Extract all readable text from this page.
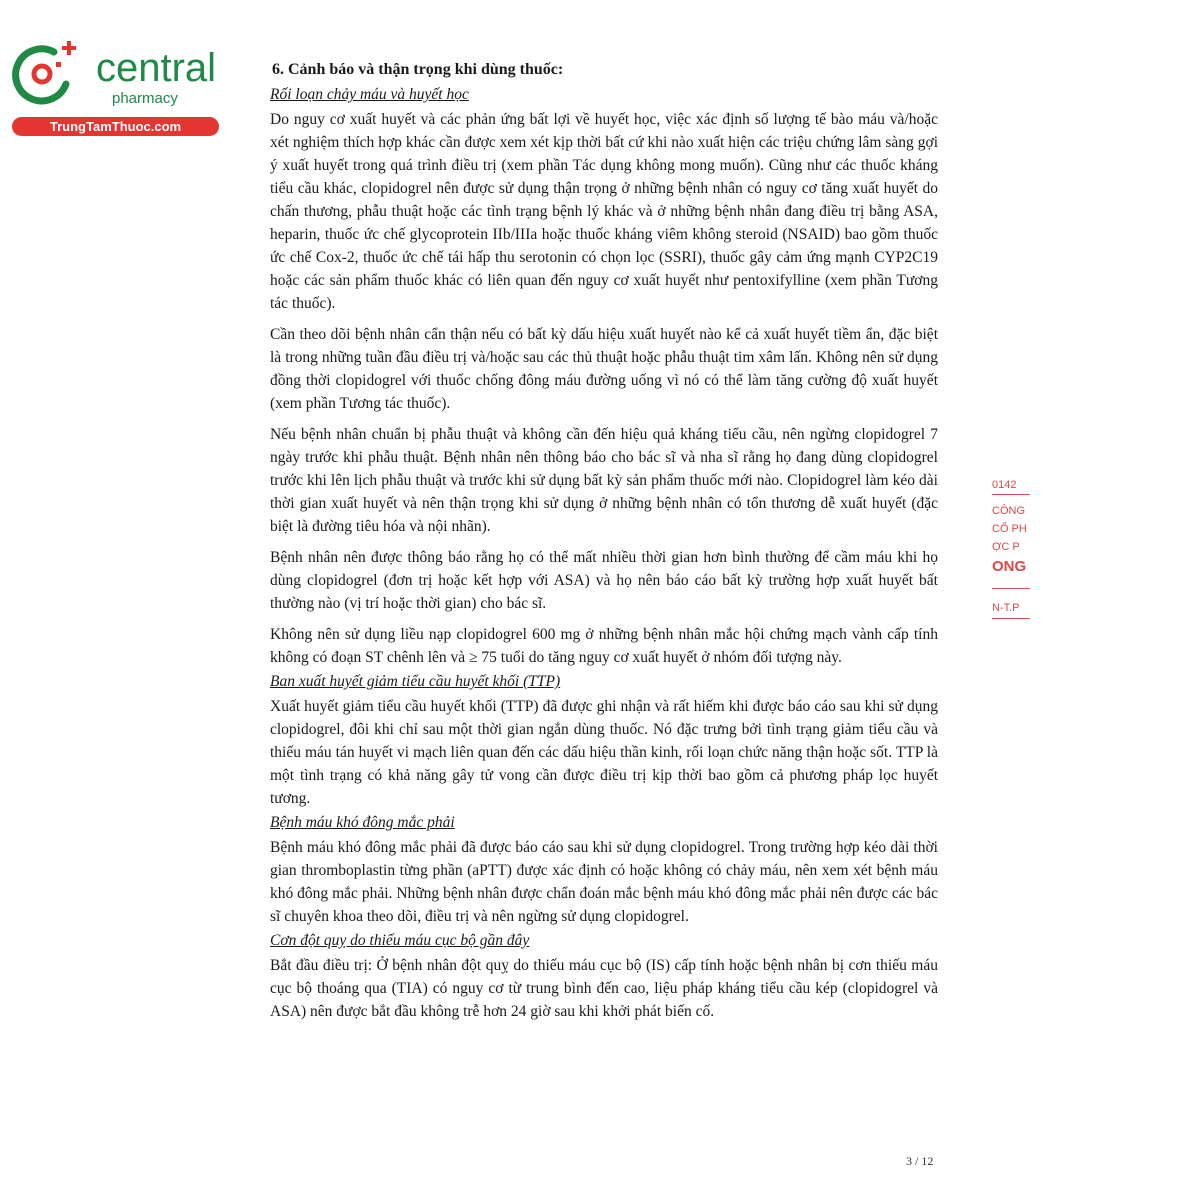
central
pharmacy
TrungTamThuoc.com
6. Cảnh báo và thận trọng khi dùng thuốc:
Rối loạn chảy máu và huyết học

Do nguy cơ xuất huyết và các phản ứng bất lợi về huyết học, việc xác định số lượng tế bào máu và/hoặc xét nghiệm thích hợp khác cần được xem xét kịp thời bất cứ khi nào xuất hiện các triệu chứng lâm sàng gợi ý xuất huyết trong quá trình điều trị (xem phần Tác dụng không mong muốn). Cũng như các thuốc kháng tiểu cầu khác, clopidogrel nên được sử dụng thận trọng ở những bệnh nhân có nguy cơ tăng xuất huyết do chấn thương, phẫu thuật hoặc các tình trạng bệnh lý khác và ở những bệnh nhân đang điều trị bằng ASA, heparin, thuốc ức chế glycoprotein IIb/IIIa hoặc thuốc kháng viêm không steroid (NSAID) bao gồm thuốc ức chế Cox-2, thuốc ức chế tái hấp thu serotonin có chọn lọc (SSRI), thuốc gây cảm ứng mạnh CYP2C19 hoặc các sản phẩm thuốc khác có liên quan đến nguy cơ xuất huyết như pentoxifylline (xem phần Tương tác thuốc).

Cần theo dõi bệnh nhân cẩn thận nếu có bất kỳ dấu hiệu xuất huyết nào kể cả xuất huyết tiềm ẩn, đặc biệt là trong những tuần đầu điều trị và/hoặc sau các thủ thuật hoặc phẫu thuật tim xâm lấn. Không nên sử dụng đồng thời clopidogrel với thuốc chống đông máu đường uống vì nó có thể làm tăng cường độ xuất huyết (xem phần Tương tác thuốc).

Nếu bệnh nhân chuẩn bị phẫu thuật và không cần đến hiệu quả kháng tiểu cầu, nên ngừng clopidogrel 7 ngày trước khi phẫu thuật. Bệnh nhân nên thông báo cho bác sĩ và nha sĩ rằng họ đang dùng clopidogrel trước khi lên lịch phẫu thuật và trước khi sử dụng bất kỳ sản phẩm thuốc mới nào. Clopidogrel làm kéo dài thời gian xuất huyết và nên thận trọng khi sử dụng ở những bệnh nhân có tổn thương dễ xuất huyết (đặc biệt là đường tiêu hóa và nội nhãn).

Bệnh nhân nên được thông báo rằng họ có thể mất nhiều thời gian hơn bình thường để cầm máu khi họ dùng clopidogrel (đơn trị hoặc kết hợp với ASA) và họ nên báo cáo bất kỳ trường hợp xuất huyết bất thường nào (vị trí hoặc thời gian) cho bác sĩ.

Không nên sử dụng liều nạp clopidogrel 600 mg ở những bệnh nhân mắc hội chứng mạch vành cấp tính không có đoạn ST chênh lên và ≥ 75 tuổi do tăng nguy cơ xuất huyết ở nhóm đối tượng này.

Ban xuất huyết giảm tiểu cầu huyết khối (TTP)

Xuất huyết giảm tiểu cầu huyết khối (TTP) đã được ghi nhận và rất hiếm khi được báo cáo sau khi sử dụng clopidogrel, đôi khi chỉ sau một thời gian ngắn dùng thuốc. Nó đặc trưng bởi tình trạng giảm tiểu cầu và thiếu máu tán huyết vi mạch liên quan đến các dấu hiệu thần kinh, rối loạn chức năng thận hoặc sốt. TTP là một tình trạng có khả năng gây tử vong cần được điều trị kịp thời bao gồm cả phương pháp lọc huyết tương.

Bệnh máu khó đông mắc phải

Bệnh máu khó đông mắc phải đã được báo cáo sau khi sử dụng clopidogrel. Trong trường hợp kéo dài thời gian thromboplastin từng phần (aPTT) được xác định có hoặc không có chảy máu, nên xem xét bệnh máu khó đông mắc phải. Những bệnh nhân được chẩn đoán mắc bệnh máu khó đông mắc phải nên được các bác sĩ chuyên khoa theo dõi, điều trị và nên ngừng sử dụng clopidogrel.

Cơn đột quỵ do thiếu máu cục bộ gần đây

Bắt đầu điều trị: Ở bệnh nhân đột quỵ do thiếu máu cục bộ (IS) cấp tính hoặc bệnh nhân bị cơn thiếu máu cục bộ thoáng qua (TIA) có nguy cơ từ trung bình đến cao, liệu pháp kháng tiểu cầu kép (clopidogrel và ASA) nên được bắt đầu không trễ hơn 24 giờ sau khi khởi phát biến cố.

0142
CÔNG
CỔ PH
ỢC P
ONG
N-T.P
3 / 12
